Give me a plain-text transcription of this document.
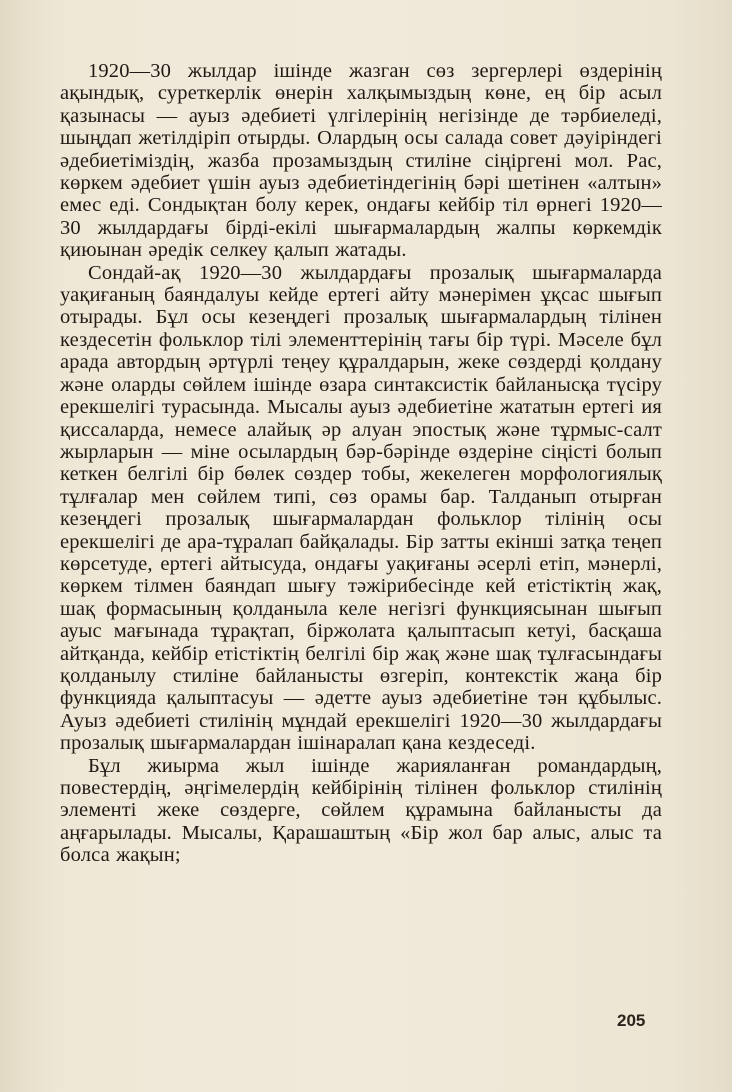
1920—30 жылдар ішінде жазган сөз зергерлері өздерінің ақындық, суреткерлік өнерін халқымыздың көне, ең бір асыл қазынасы — ауыз әдебиеті үлгілерінің негізінде де тәрбиеледі, шыңдап жетілдіріп отырды. Олардың осы салада совет дәуіріндегі әдебиетіміздің, жазба прозамыздың стиліне сіңіргені мол. Рас, көркем әдебиет үшін ауыз әдебиетіндегінің бәрі шетінен «алтын» емес еді. Сондықтан болу керек, ондағы кейбір тіл өрнегі 1920—30 жылдардағы бірді-екілі шығармалардың жалпы көркемдік қиюынан әредік селкеу қалып жатады.

Сондай-ақ 1920—30 жылдардағы прозалық шығармаларда уақиғаның баяндалуы кейде ертегі айту мәнерімен ұқсас шығып отырады. Бұл осы кезеңдегі прозалық шығармалардың тілінен кездесетін фольклор тілі элементтерінің тағы бір түрі. Мәселе бұл арада автордың әртүрлі теңеу құралдарын, жеке сөздерді қолдану және оларды сөйлем ішінде өзара синтаксистік байланысқа түсіру ерекшелігі турасында. Мысалы ауыз әдебиетіне жататын ертегі ия қиссаларда, немесе алайық әр алуан эпостық және тұрмыс-салт жырларын — міне осылардың бәр-бәрінде өздеріне сіңісті болып кеткен белгілі бір бөлек сөздер тобы, жекелеген морфологиялық тұлғалар мен сөйлем типі, сөз орамы бар. Талданып отырған кезеңдегі прозалық шығармалардан фольклор тілінің осы ерекшелігі де ара-тұралап байқалады. Бір затты екінші затқа теңеп көрсетуде, ертегі айтысуда, ондағы уақиғаны әсерлі етіп, мәнерлі, көркем тілмен баяндап шығу тәжірибесінде кей етістіктің жақ, шақ формасының қолданыла келе негізгі функциясынан шығып ауыс мағынада тұрақтап, біржолата қалыптасып кетуі, басқаша айтқанда, кейбір етістіктің белгілі бір жақ және шақ тұлғасындағы қолданылу стиліне байланысты өзгеріп, контекстік жаңа бір функцияда қалыптасуы — әдетте ауыз әдебиетіне тән құбылыс. Ауыз әдебиеті стилінің мұндай ерекшелігі 1920—30 жылдардағы прозалық шығармалардан ішінаралап қана кездеседі.

Бұл жиырма жыл ішінде жарияланған романдардың, повестердің, әңгімелердің кейбірінің тілінен фольклор стилінің элементі жеке сөздерге, сөйлем құрамына байланысты да аңғарылады. Мысалы, Қарашаштың «Бір жол бар алыс, алыс та болса жақын;

205
